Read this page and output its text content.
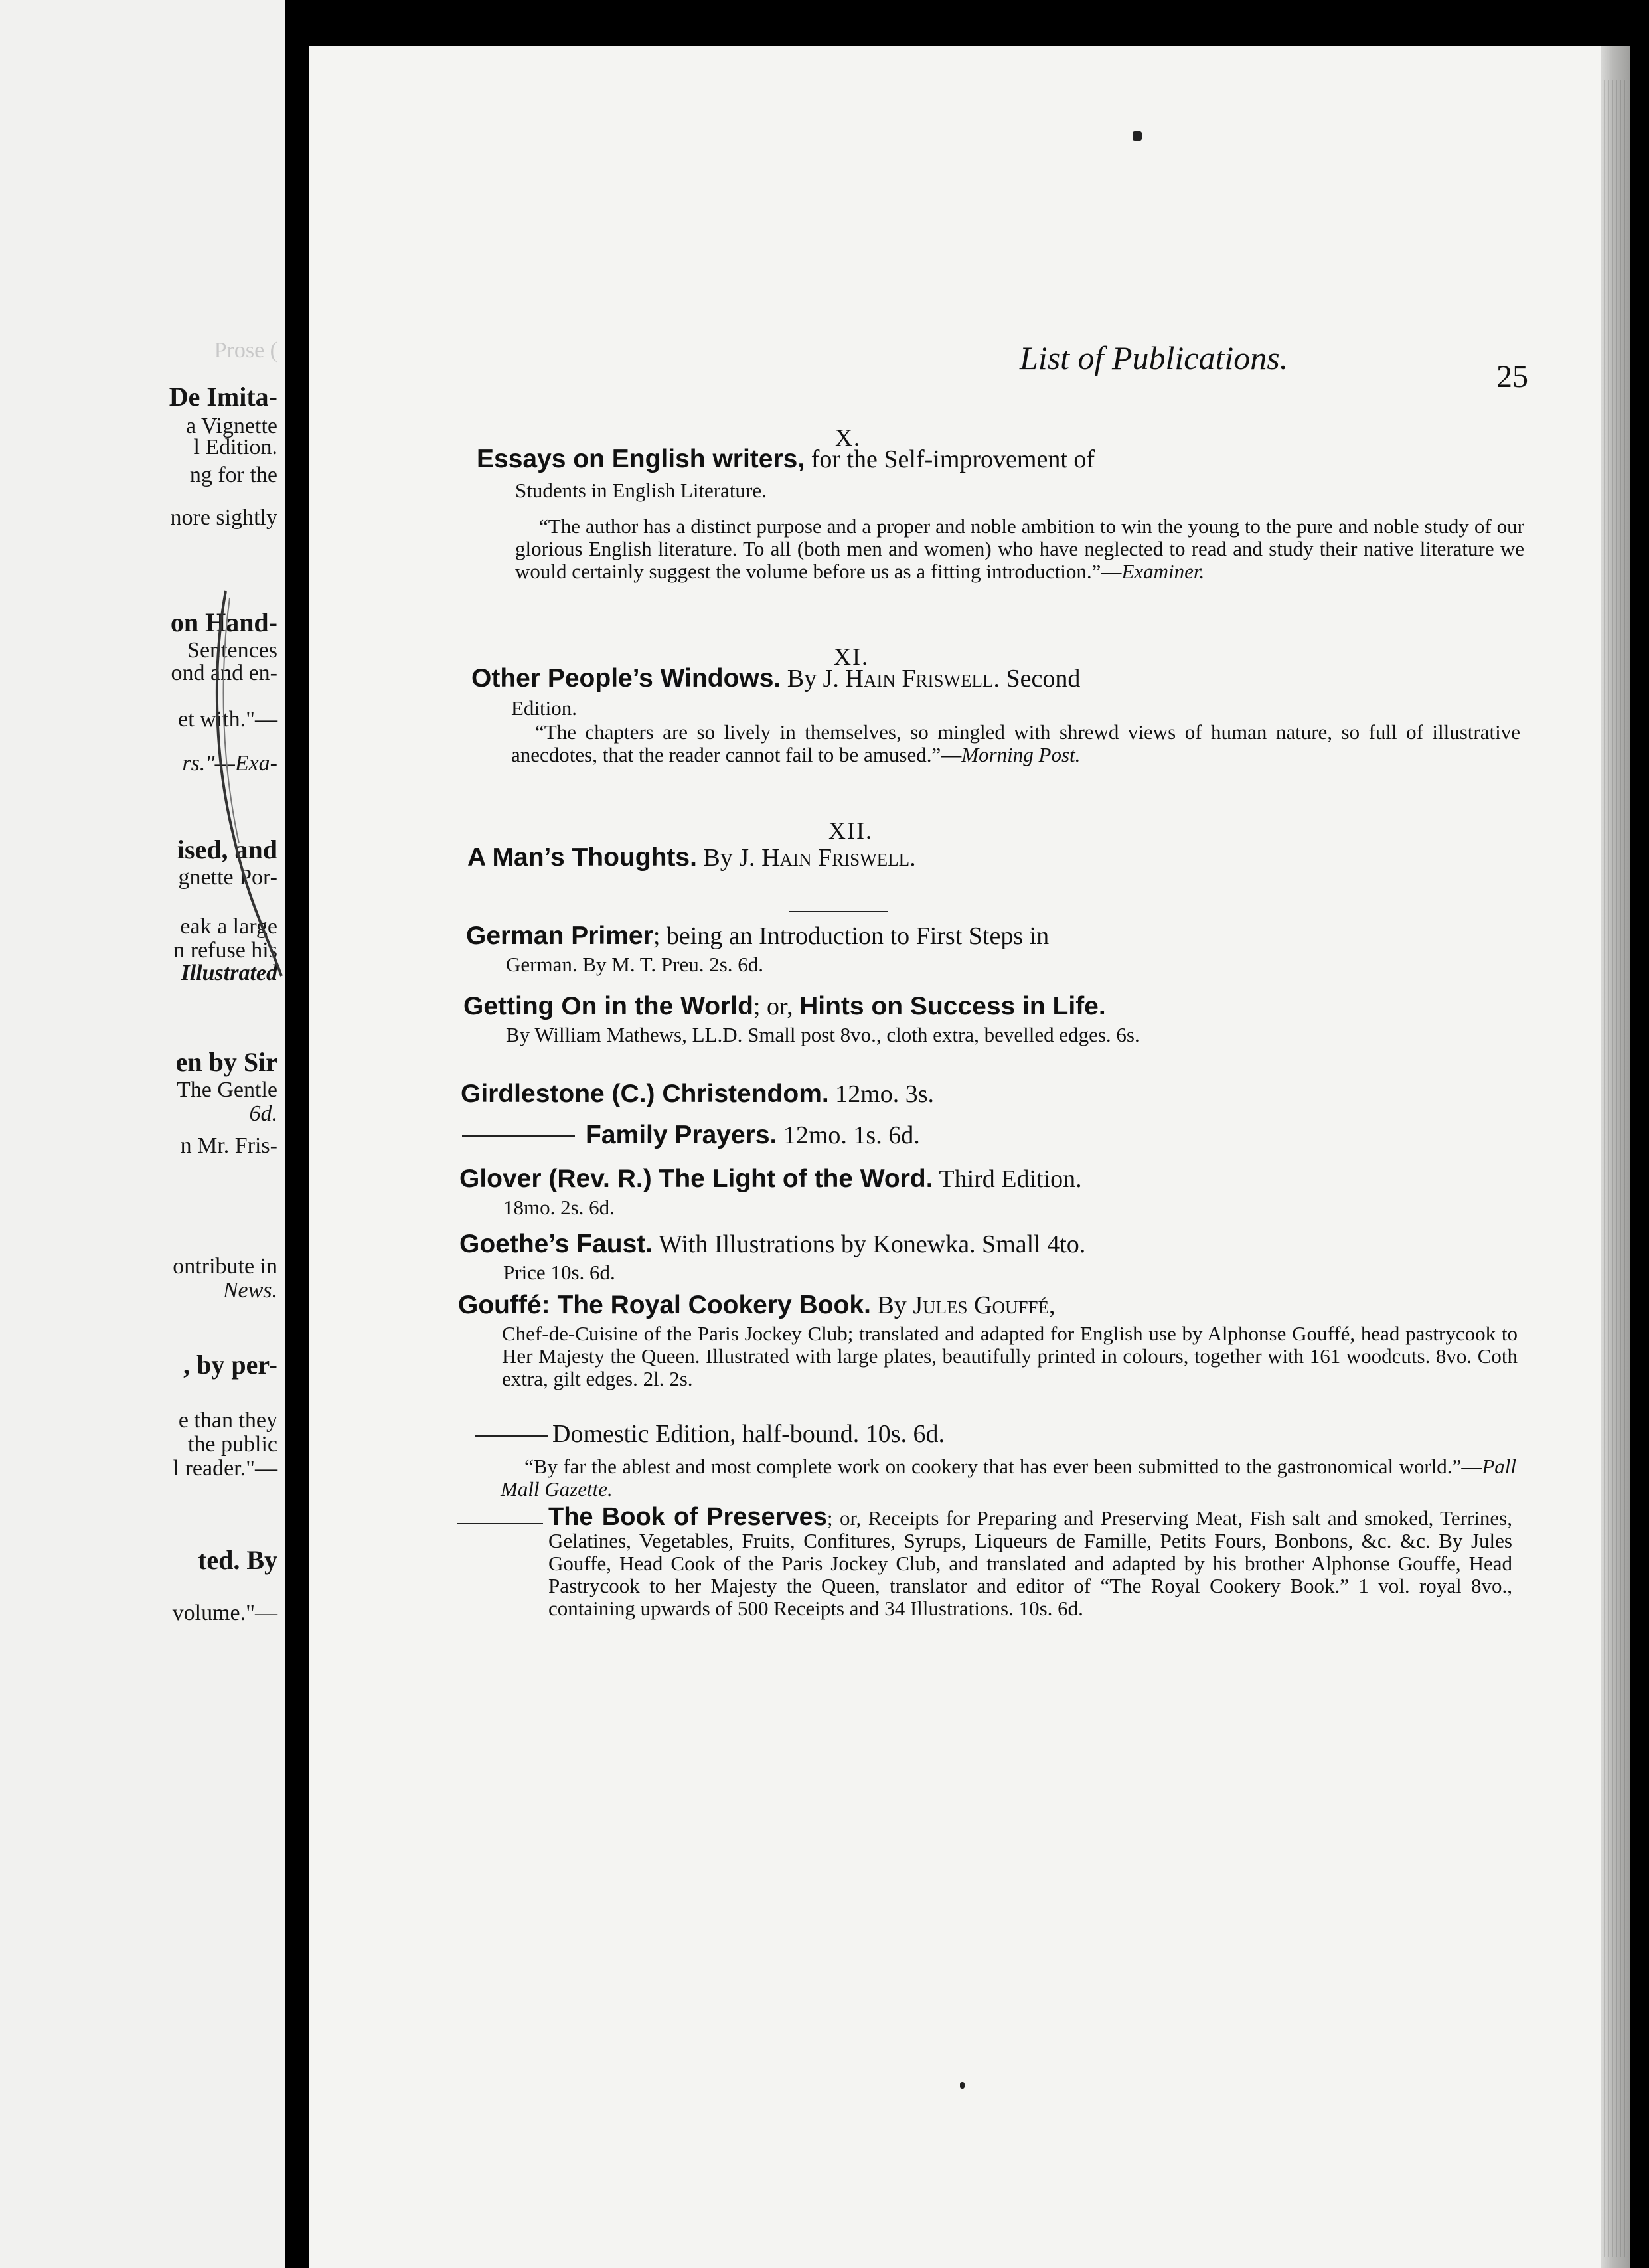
Prose (
De Imita-
a Vignette
l Edition.
ng for the
nore sightly
on Hand-
Sentences
ond and en-
et with."—
rs."—Exa-
ised, and
gnette Por-
eak a large
n refuse his
Illustrated
en by Sir
The Gentle
6d.
n Mr. Fris-
ontribute in
News.
, by per-
e than they
the public
l reader."—
ted. By
volume."—
List of Publications.
25
X.
Essays on English writers, for the Self-improvement of
Students in English Literature.
“The author has a distinct purpose and a proper and noble ambition to win the young to the pure and noble study of our glorious English literature. To all (both men and women) who have neglected to read and study their native literature we would certainly suggest the volume before us as a fitting introduction.”—Examiner.
XI.
Other People’s Windows. By J. Hain Friswell. Second
Edition.
“The chapters are so lively in themselves, so mingled with shrewd views of human nature, so full of illustrative anecdotes, that the reader cannot fail to be amused.”—Morning Post.
XII.
A Man’s Thoughts. By J. Hain Friswell.
German Primer; being an Introduction to First Steps in
German. By M. T. Preu. 2s. 6d.
Getting On in the World; or, Hints on Success in Life.
By William Mathews, LL.D. Small post 8vo., cloth extra, bevelled edges. 6s.
Girdlestone (C.) Christendom. 12mo. 3s.
Family Prayers. 12mo. 1s. 6d.
Glover (Rev. R.) The Light of the Word. Third Edition.
18mo. 2s. 6d.
Goethe’s Faust. With Illustrations by Konewka. Small 4to.
Price 10s. 6d.
Gouffé: The Royal Cookery Book. By Jules Gouffé,
Chef-de-Cuisine of the Paris Jockey Club; translated and adapted for English use by Alphonse Gouffé, head pastrycook to Her Majesty the Queen. Illustrated with large plates, beautifully printed in colours, together with 161 woodcuts. 8vo. Coth extra, gilt edges. 2l. 2s.
Domestic Edition, half-bound. 10s. 6d.
“By far the ablest and most complete work on cookery that has ever been submitted to the gastronomical world.”—Pall Mall Gazette.
The Book of Preserves; or, Receipts for Preparing and Preserving Meat, Fish salt and smoked, Terrines, Gelatines, Vegetables, Fruits, Confitures, Syrups, Liqueurs de Famille, Petits Fours, Bonbons, &c. &c. By Jules Gouffe, Head Cook of the Paris Jockey Club, and translated and adapted by his brother Alphonse Gouffe, Head Pastrycook to her Majesty the Queen, translator and editor of “The Royal Cookery Book.” 1 vol. royal 8vo., containing upwards of 500 Receipts and 34 Illustrations. 10s. 6d.
